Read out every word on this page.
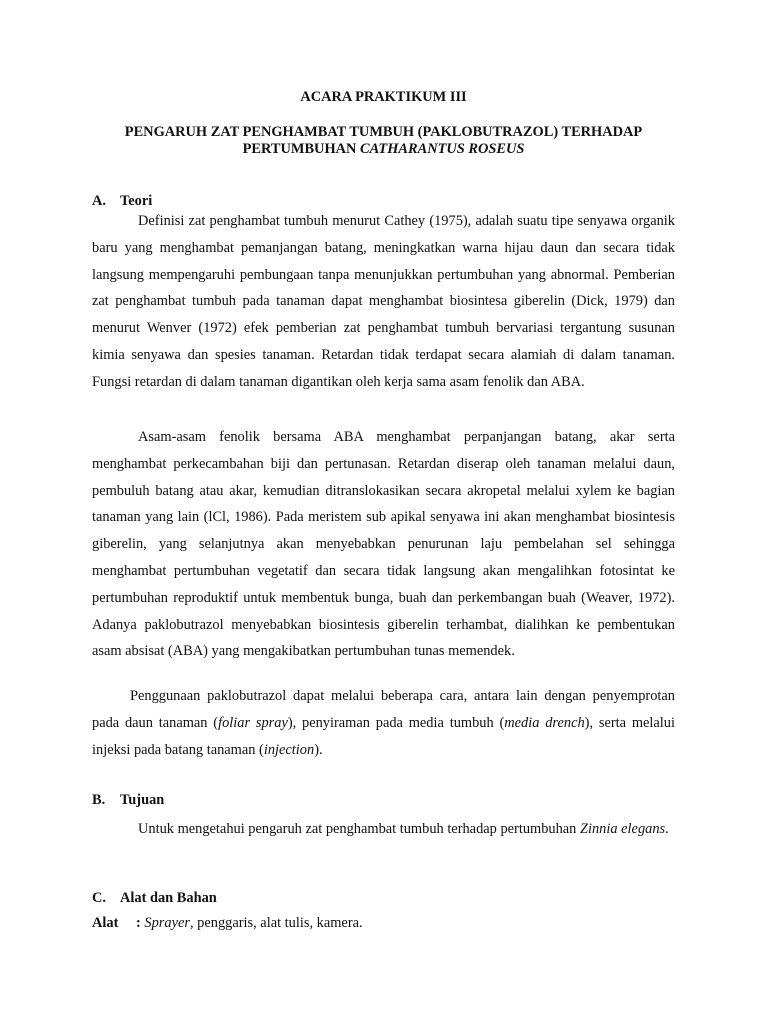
ACARA PRAKTIKUM III
PENGARUH ZAT PENGHAMBAT TUMBUH (PAKLOBUTRAZOL) TERHADAP
PERTUMBUHAN CATHARANTUS ROSEUS
A. Teori
Definisi zat penghambat tumbuh menurut Cathey (1975), adalah suatu tipe senyawa organik baru yang menghambat pemanjangan batang, meningkatkan warna hijau daun dan secara tidak langsung mempengaruhi pembungaan tanpa menunjukkan pertumbuhan yang abnormal. Pemberian zat penghambat tumbuh pada tanaman dapat menghambat biosintesa giberelin (Dick, 1979) dan menurut Wenver (1972) efek pemberian zat penghambat tumbuh bervariasi tergantung susunan kimia senyawa dan spesies tanaman. Retardan tidak terdapat secara alamiah di dalam tanaman. Fungsi retardan di dalam tanaman digantikan oleh kerja sama asam fenolik dan ABA.
Asam-asam fenolik bersama ABA menghambat perpanjangan batang, akar serta menghambat perkecambahan biji dan pertunasan. Retardan diserap oleh tanaman melalui daun, pembuluh batang atau akar, kemudian ditranslokasikan secara akropetal melalui xylem ke bagian tanaman yang lain (lCl, 1986). Pada meristem sub apikal senyawa ini akan menghambat biosintesis giberelin, yang selanjutnya akan menyebabkan penurunan laju pembelahan sel sehingga menghambat pertumbuhan vegetatif dan secara tidak langsung akan mengalihkan fotosintat ke pertumbuhan reproduktif untuk membentuk bunga, buah dan perkembangan buah (Weaver, 1972). Adanya paklobutrazol menyebabkan biosintesis giberelin terhambat, dialihkan ke pembentukan asam absisat (ABA) yang mengakibatkan pertumbuhan tunas memendek.
Penggunaan paklobutrazol dapat melalui beberapa cara, antara lain dengan penyemprotan pada daun tanaman (foliar spray), penyiraman pada media tumbuh (media drench), serta melalui injeksi pada batang tanaman (injection).
B. Tujuan
Untuk mengetahui pengaruh zat penghambat tumbuh terhadap pertumbuhan Zinnia elegans.
C. Alat dan Bahan
Alat : Sprayer, penggaris, alat tulis, kamera.
